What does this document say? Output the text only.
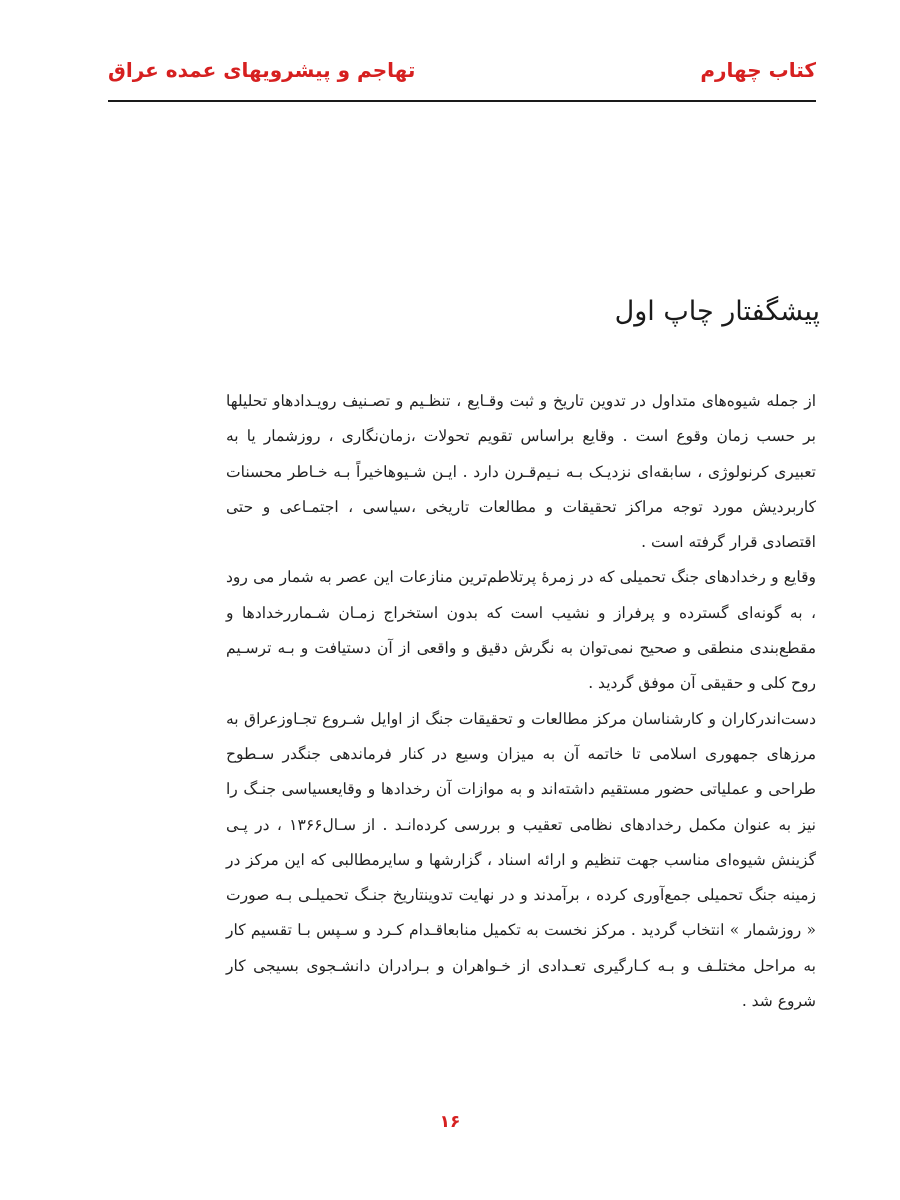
کتاب چهارم
تهاجم و پیشرویهای عمده عراق
پیشگفتار چاپ اول

از جمله شیوه‌های متداول در تدوین تاریخ و ثبت وقـایع ، تنظـیم و تصـنیف رویـدادهاو تحلیلها بر حسب زمان وقوع است . وقایع براساس تقویم تحولات ،زمان‌نگاری ، روزشمار یا به تعبیری کرنولوژی ، سابقه‌ای نزدیـک بـه نـیم‌قـرن دارد . ایـن شـیوهاخیراً بـه خـاطر محسنات کاربردیش مورد توجه مراکز تحقیقات و مطالعات تاریخی ،سیاسی ، اجتمـاعی و حتی اقتصادی قرار گرفته است .

وقایع و رخدادهای جنگ تحمیلی که در زمرهٔ پرتلاطم‌ترین منازعات این عصر به شمار می رود ، به گونه‌ای گسترده و پرفراز و نشیب است که بدون استخراج زمـان شـماررخدادها و مقطع‌بندی منطقی و صحیح نمی‌توان به نگرش دقیق و واقعی از آن دستیافت و بـه ترسـیم روح کلی و حقیقی آن موفق گردید .

دست‌اندرکاران و کارشناسان مرکز مطالعات و تحقیقات جنگ از اوایل شـروع تجـاوزعراق به مرزهای جمهوری اسلامی تا خاتمه آن به میزان وسیع در کنار فرماندهی جنگدر سـطوح طراحی و عملیاتی حضور مستقیم داشته‌اند و به موازات آن رخدادها و وقایعسیاسی جنـگ را نیز به عنوان مکمل رخدادهای نظامی تعقیب و بررسی کرده‌انـد . از سـال۱۳۶۶ ، در پـی گزینش شیوه‌ای مناسب جهت تنظیم و ارائه اسناد ، گزارشها و سایرمطالبی که این مرکز در زمینه جنگ تحمیلی جمع‌آوری کرده ، برآمدند و در نهایت تدوینتاریخ جنـگ تحمیلـی بـه صورت « روزشمار » انتخاب گردید . مرکز نخست به تکمیل منابعاقـدام کـرد و سـپس بـا تقسیم کار به مراحل مختلـف و بـه کـارگیری تعـدادی از خـواهران و بـرادران دانشـجوی بسیجی کار شروع شد .

۱۶
